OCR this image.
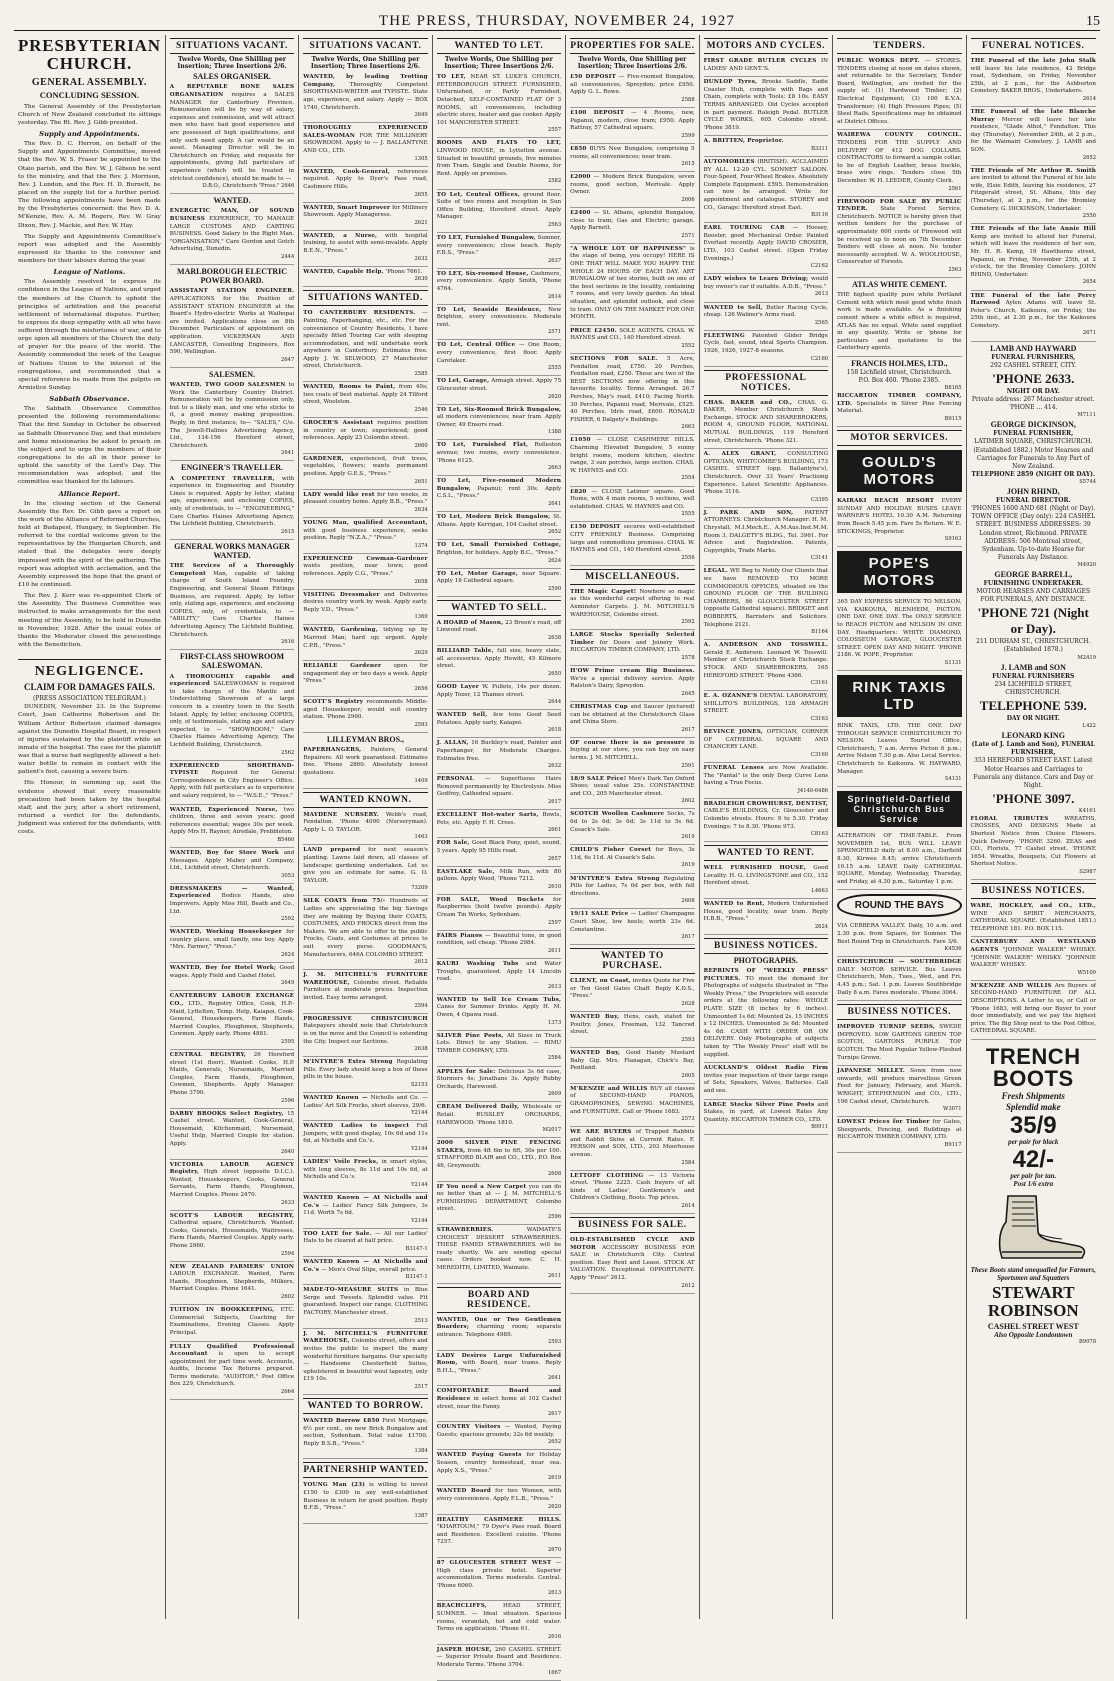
THE PRESS, THURSDAY, NOVEMBER 24, 1927	15
PRESBYTERIAN CHURCH.
GENERAL ASSEMBLY.
CONCLUDING SESSION.

The General Assembly of the Presbyterian Church of New Zealand concluded its sittings yesterday. The Rt. Rev. J. Gibb presided.

Supply and Appointments.

The Rev. D. C. Herron, on behalf of the Supply and Appointments Committee, moved that the Rev. W. S. Fraser be appointed to the Otaio parish, and the Rev. W. J. Gibson be sent to the ministry, and that the Rev. J. Morrison, Rev. J. Lundon, and the Rev. H. D. Burnett, be placed on the supply list for a further period. The following appointments have been made by the Presbyteries concerned: the Rev. D. A. M'Kenzie, Rev. A. M. Rogers, Rev. W. Gray Dixon, Rev. J. Mackie, and Rev. W. Hay.

The Supply and Appointments Committee's report was adopted and the Assembly expressed its thanks to the convener and members for their labours during the year.

League of Nations.

The Assembly resolved to express its confidence in the League of Nations, and urged the members of the Church to uphold the principles of arbitration and the peaceful settlement of international disputes. Further, to express its deep sympathy with all who have suffered through the misfortunes of war, and to urge upon all members of the Church the duty of prayer for the peace of the world. The Assembly commended the work of the League of Nations Union to the interest of the congregations, and recommended that a special reference be made from the pulpits on Armistice Sunday.

Sabbath Observance.

The Sabbath Observance Committee presented the following recommendations: That the first Sunday in October be observed as Sabbath Observance Day, and that ministers and home missionaries be asked to preach on the subject and to urge the members of their congregations to do all in their power to uphold the sanctity of the Lord's Day. The recommendation was adopted, and the committee was thanked for its labours.

Alliance Report.

In the closing section of the General Assembly the Rev. Dr. Gibb gave a report on the work of the Alliance of Reformed Churches, held at Budapest, Hungary, in September. He referred to the cordial welcome given to the representatives by the Hungarian Church, and stated that the delegates were deeply impressed with the spirit of the gathering. The report was adopted with acclamation, and the Assembly expressed the hope that the grant of £10 be continued.

The Rev. J. Kerr was re-appointed Clerk of the Assembly. The Business Committee was instructed to make arrangements for the next meeting of the Assembly, to be held in Dunedin in November, 1928. After the usual votes of thanks the Moderator closed the proceedings with the Benediction.

NEGLIGENCE.
CLAIM FOR DAMAGES FAILS.
(PRESS ASSOCIATION TELEGRAM.)

DUNEDIN, November 23. In the Supreme Court, Joan Catherine Robertson and Dr. William Arthur Robertson claimed damages against the Dunedin Hospital Board, in respect of injuries sustained by the plaintiff while an inmate of the hospital. The case for the plaintiff was that a nurse had negligently allowed a hot-water bottle to remain in contact with the patient's foot, causing a severe burn.

His Honour, in summing up, said the evidence showed that every reasonable precaution had been taken by the hospital staff, and the jury, after a short retirement, returned a verdict for the defendants. Judgment was entered for the defendants, with costs.

SITUATIONS VACANT.
Twelve Words, One Shilling per Insertion; Three Insertions 2/6.
SALES ORGANISER.

A REPUTABLE BONE SALES ORGANISATION requires a SALES MANAGER for Canterbury Province. Remuneration will be by way of salary, expenses and commission, and will attract men who have had good experience and are possessed of high qualifications, and only such need apply. A car would be an asset. Managing Director will be in Christchurch on Friday, and requests for appointments, giving full particulars of experience (which will be treated in strictest confidence), should be made to —
D.B.O., Christchurch "Press." 2646

WANTED.

ENERGETIC MAN, OF SOUND BUSINESS EXPERIENCE, TO MANAGE LARGE CUSTOMS AND CARTING BUSINESS. Good Salary to the Right Man. "ORGANISATION," Care Gordon and Gotch Advertising, Dunedin.
2444

MARLBOROUGH ELECTRIC POWER BOARD.

ASSISTANT STATION ENGINEER. APPLICATIONS for the Position of ASSISTANT STATION ENGINEER at the Board's Hydro-electric Works at Waihopai are invited. Applications close on 8th December. Particulars of appointment on application. VICKERMAN AND LANCASTER, Consulting Engineers, Box 590, Wellington.
2647

SALESMEN.

WANTED, TWO GOOD SALESMEN to Work the Canterbury Country District. Remuneration will be by commission only, but to a likely man, and one who sticks to it, a good money making proposition. Reply, in first instance, to— "SALES," C/o. The Jewell-Halines Advertising Agency, Ltd., 134-156 Hereford street, Christchurch.
2641

ENGINEER'S TRAVELLER.

A COMPETENT TRAVELLER, with experience in Engineering and Foundry Lines is required. Apply by letter, stating age, experience, and enclosing COPIES, only, of credentials, to — "ENGINEERING," Care Charles Haines Advertising Agency, The Lichfield Building, Christchurch.
2615

GENERAL WORKS MANAGER WANTED.

THE Services of a Thoroughly Competent Man, capable of taking charge of South Island Foundry, Engineering, and General Steam Fittings Business, are required. Apply, by letter only, stating age, experience, and enclosing COPIES, only, of credentials, to — "ABILITY," Care Charles Haines Advertising Agency, The Lichfield Building, Christchurch.
2616

FIRST-CLASS SHOWROOM SALESWOMAN.

A THOROUGHLY capable and experienced SALESWOMAN is required to take charge of the Mantle and Underclothing Showroom of a large concern in a country town in the South Island. Apply, by letter, enclosing COPIES, only, of testimonials, stating age and salary expected, to — "SHOWROOM," Care Charles Haines Advertising Agency, The Lichfield Building, Christchurch.
2562

EXPERIENCED SHORTHAND-TYPISTE Required for General Correspondence in City Engineer's Office. Apply, with full particulars as to experience and salary required, to — "W.S.E.," "Press."

WANTED, Experienced Nurse, two children, three and seven years; good references essential; wages 30s per week. Apply Mrs H. Rayner, Airedale, Prebbleton.
B5460

WANTED, Boy for Store Work and Messages. Apply Mabey and Company, Ltd., Lichfield street, Christchurch.
3053

DRESSMAKERS — Wanted, Experienced Bodice Hands, also Improvers. Apply Miss Hill, Beath and Co., Ltd.
2592

WANTED, Working Housekeeper for country place, small family, one boy. Apply "Mrs. Farmer," "Press."
2624

WANTED, Boy for Hotel Work; Good wages. Apply Field and Cashel Hotel.
2649

CANTERBURY LABOUR EXCHANGE CO., LTD., Registry Office, Cook, H.P.-Maid, Lyttelton, Temp. Help, Kaiapoi, Cook-General, Housekeepers, Farm Hands, Married Couples, Ploughmen, Shepherds, Cowmen. Apply early. Phone 4881.
2595

CENTRAL REGISTRY, 26 Hereford street (1st floor). Wanted: Cooks, H.P. Maids, Generals, Nursemaids, Married Couples, Farm Hands, Ploughmen, Cowmen, Shepherds. Apply Manager. Phone 3790.
2596

DARBY BROOKS Select Registry, 15 Cashel street. Wanted, Cook-General, Housemaid, Kitchenmaid, Nursemaid, Useful Help, Married Couple for station. Apply.
2640

VICTORIA LABOUR AGENCY Registry, High street (opposite D.I.C.). Wanted, Housekeepers, Cooks, General Servants, Farm Hands, Ploughmen, Married Couples. Phone 2470.
2633

SCOTT'S LABOUR REGISTRY, Cathedral square, Christchurch. Wanted: Cooks, Generals, Housemaids, Waitresses, Farm Hands, Married Couples. Apply early. Phone 2960.
2594

NEW ZEALAND FARMERS' UNION LABOUR EXCHANGE. Wanted, Farm Hands, Ploughmen, Shepherds, Milkers, Married Couples. Phone 1641.
2602

TUITION IN BOOKKEEPING, ETC. Commercial Subjects, Coaching for Examinations, Evening Classes. Apply Principal.

FULLY Qualified Professional Accountant is open to accept appointment for part time work. Accounts, Audits, Income Tax Returns prepared. Terms moderate. "AUDITOR," Post Office Box 229, Christchurch.
2664

SITUATIONS VACANT.
Twelve Words, One Shilling per Insertion; Three Insertions 2/6.

WANTED, by leading Trotting Company,	Thoroughly Competent SHORTHAND-WRITER and TYPISTE. State age, experience, and salary. Apply — BOX 1740, Christchurch.
2649

THOROUGHLY EXPERIENCED SALES-WOMAN FOR THE MILLINERY SHOWROOM. Apply to — J. BALLANTYNE AND CO., LTD.
1305

WANTED, Cook-General, references required. Apply to Dyer's Pass road, Cashmere Hills.
2655

WANTED, Smart Improver for Millinery Showroom. Apply Manageress.
2621

WANTED, a Nurse, with hospital training, to assist with semi-invalids. Apply B.E.N., "Press."
2632

WANTED, Capable Help. 'Phone 7661.
2630

SITUATIONS WANTED.

TO CANTERBURY RESIDENTS. — Painting, Paperhanging, etc., etc. For the convenience of Country Residents, I have specially fitted Touring Car with sleeping accommodation, and will undertake work anywhere in Canterbury. Estimates free. Apply J. W. SELWOOD, 27 Manchester street, Christchurch.
2585

WANTED, Rooms to Paint, from 40s; two coats of best material. Apply 24 Tilford street, Woolston.
2546

GROCER'S Assistant requires position in country or town; experienced; good references. Apply 23 Colombo street.
2660

GARDENER, experienced, fruit trees, vegetables, flowers; wants permanent position. Apply G.E.S., "Press."
2651

LADY would like rest for two weeks, in pleasant country home. Apply B.B., "Press."
2634

YOUNG Man, qualified Accountant, with good business experience, seeks position. Reply "N.Z.A.," "Press."
1374

EXPERIENCED Cowman-Gardener wants position, near town; good references. Apply C.G., "Press."
2658

VISITING Dressmaker and Deliveries desires country work by week. Apply early. Reply V.D., "Press."
1369

WANTED, Gardening, tidying up by Married Man; hard up; urgent. Apply C.P.B., "Press."
2629

RELIABLE Gardener open for engagement day or two days a week. Apply "Press."
2656

SCOTT'S Registry recommends Middle-aged Housekeeper; would suit country station. 'Phone 2960.
2593

LILLEYMAN BROS.,

PAPERHANGERS, Painters, General Repairers. All work guaranteed. Estimates free. 'Phone 2860. Absolutely lowest quotations.
1409

WANTED KNOWN.

MAYDENE NURSERY. Webb's road, Fendalton. 'Phone 4090 (Nurseryman). Apply L. O. TAYLOR.
1463

LAND prepared for next season's planting. Lawns laid down, all classes of landscape gardening undertaken. Let us give you an estimate for same. G. O. TAYLOR.
73209

SILK COATS from 75/- Hundreds of Ladies are appreciating the big Savings they are making by Buying their COATS, COSTUMES, AND FROCKS direct from the Makers. We are able to offer to the public Frocks, Coats, and Costumes at prices to suit every purse. GOODMAN'S, Manufacturers, 646A COLOMBO STREET.
2612

J. M. MITCHELL'S FURNITURE WAREHOUSE, Colombo street. Reliable Furniture at moderate prices. Inspection invited. Easy terms arranged.
2594

PROGRESSIVE CHRISTCHURCH Ratepayers should note that Christchurch is on the move and the Council is extending the City. Inspect our Sections.
2638

M'INTYRE'S Extra Strong Regulating Pills. Every lady should keep a box of these pills in the house.
S2153

WANTED Known — Nicholls and Co. — Ladies' Art Silk Frocks, short sleeves, 29/6.
Y2144

WANTED Ladies to inspect Full Jumpers, with good display, 10s 6d and 11s 6d, at Nicholls and Co.'s.
Y2144

LADIES' Voile Frocks, in smart styles, with long sleeves, 8s 11d and 10s 6d, at Nicholls and Co.'s.
Y2144

WANTED Known — At Nicholls and Co.'s — Ladies' Fancy Silk Jumpers, 3s 11d. Worth 7s 6d.
Y2144

TOO LATE for Sale. — All our Ladies' Hats to be cleared at half price.
B3147-1

WANTED Known — At Nicholls and Co.'s — Men's Oval Slips, overall price.
B3147-1

MADE-TO-MEASURE SUITS in Blue Serge and Tweeds. Splendid value. Fit guaranteed. Inspect our range. CLOTHING FACTORY, Manchester street.
2513

J. M. MITCHELL'S FURNITURE WAREHOUSE, Colombo street, offers and invites the public to inspect the many wonderful furniture bargains. Our specialty — Handsome Chesterfield Suites, upholstered in beautiful wool tapestry, only £19 10s.
2517

WANTED TO BORROW.

WANTED Borrow £850 First Mortgage, 6½ per cent., on new Brick Bungalow and section, Sydenham. Total value £1700. Reply B.S.B., "Press."
1384

PARTNERSHIP WANTED.

YOUNG Man (23) is willing to invest £150 to £300 in any well-established Business in return for good position. Reply B.F.B., "Press."
1387

WANTED TO LET.
Twelve Words, One Shilling per Insertion; Three Insertions 2/6.

TO LET, NEAR ST. LUKE'S CHURCH, PETERBOROUGH STREET. FURNISHED, Unfurnished, or Partly Furnished, Detached, SELF-CONTAINED FLAT OF 3 ROOMS, all conveniences, including electric stove, heater and gas cooker. Apply 101 MANCHESTER STREET.
2557

ROOMS AND FLATS TO LET, LINWOOD HOUSE, in Lyttelton avenue. Situated in beautiful grounds, five minutes from Tram. Single and Double Rooms, for Rent. Apply on premises.
2582

TO Let, Central Offices, ground floor. Suite of two rooms and reception in Sun Office Building, Hereford street. Apply Manager.
2563

TO LET, Furnished Bungalow, Sumner, every convenience; close beach. Reply F.B.S., "Press."
2637

TO LET, Six-roomed House, Cashmere, every convenience. Apply Smith, 'Phone 4764.
2614

TO Let, Seaside Residence, New Brighton, every convenience. Moderate rent.
2571

TO Let, Central Office — One Room, every convenience, first floor. Apply Caretaker.
2555

TO Let, Garage, Armagh street. Apply 75 Gloucester street.
2620

TO Let, Six-Roomed Brick Bungalow, all modern conveniences; near tram. Apply Owner, 49 Ensors road.
1388

TO Let, Furnished Flat, Rolleston avenue; two rooms, every convenience. 'Phone 6125.
2663

TO Let, Five-roomed Modern Bungalow, Papanui; rent 30s. Apply C.S.L., "Press."
2641

TO Let, Modern Brick Bungalow, St. Albans. Apply Kerrigan, 104 Cashel street.
2652

TO Let, Small Furnished Cottage, Brighton, for holidays. Apply B.C., "Press."
2624

TO Let, Motor Garage, near Square. Apply 18 Cathedral square.
2590

WANTED TO SELL.

A HOARD of Mason, 23 Breen's road, off Linwood road.
2638

BILLIARD Table, full size, heavy slate, all accessories. Apply Hewitt, 45 Kilmore street.
2650

GOOD Layer W. Pullets, 14s per dozen. Apply Tozer, 12 Thames street.
2644

WANTED Sell, few tons Good Seed Potatoes. Apply early, Kaiapoi.
2618

J. ALLAN, 16 Buckley's road, Painter and Paperhanger, for Moderate Charges. Estimates free.
2632

PERSONAL — Superfluous Hairs Removed permanently by Electrolysis. Miss Godfrey, Cathedral square.
2617

EXCELLENT Hot-water Sarts, Bowls, Pots, etc. Apply F. H. Cross.
2661

FOR Sale, Good Black Pony, quiet, sound, 5 years. Apply 95 Hills road.
2657

EASTLAKE Sale, Milk Run, with 80 gallons. Apply Wood, 'Phone 7212.
2610

FOR SALE, Wood Buckets for Raspberries (hold twelve pounds). Apply Cream Tin Works, Sydenham.
2597

FAIRS Pianos — Beautiful tone, in good condition, sell cheap. 'Phone 2984.
2611

KAURI Washing Tubs and Water Troughs, guaranteed. Apply 14 Lincoln road.
2613

WANTED to Sell Ice Cream Tubs, Canes for Summer Drinks. Apply H. M. Owen, 4 Opawa road.
1373

SLIVER Pine Posts, All Sizes in Truck Lots. Direct to any Station. — RIMU TIMBER COMPANY, LTD.
2584

APPLES for Sale: Delicious 3s 6d case, Sturmers 4s; Jonathans 3s. Apply Rubby Orchards, Harewood.
2609

CREAM Delivered Daily, Wholesale or Retail. RUSSLEY ORCHARDS, HAREWOOD. 'Phone 1810.
M2017

2000 SILVER PINE FENCING STAKES, from 4ft 6in to 6ft, 30s per 100. STRAFFORD BLAIR and CO., LTD., P.O. Box 46, Greymouth.
2608

IF You need a New Carpet you can do no better than at — J. M. MITCHELL'S FURNISHING DEPARTMENT, Colombo street.
2596

STRAWBERRIES.	WAIMATE'S CHOICEST DESSERT STRAWBERRIES. THESE FAMED STRAWBERRIES will be ready shortly. We are sending special cases. Orders booked now. C. H. MEREDITH, LIMITED, Waimate.
2611

BOARD AND RESIDENCE.

WANTED, One or Two Gentlemen Boarders; charming room; separate entrance. Telephone 4989.
2593

LADY Desires Large Unfurnished Room, with Board, near trams. Reply B.H.L., "Press."
2641

COMFORTABLE Board and Residence in select home at 102 Cashel street, near the Fanny.
2617

COUNTRY Visitors — Wanted, Paying Guests; spacious grounds; 32s 6d weekly.
2652

WANTED Paying Guests for Holiday Season, country homestead, near sea. Apply X.S., "Press."
2619

WANTED Board for two Women, with every convenience. Apply F.L.B., "Press."
2620

HEALTHY CASHMERE HILLS. "KHARTOUM," 79 Dyer's Pass road. Board and Residence. Excellent cuisine. 'Phone 7257.
2670

87 GLOUCESTER STREET WEST — High class private hotel. Superior accommodation. Terms moderate. Central. 'Phone 6060.
2613

BEACHCLIFFS,	HEAD STREET, SUMNER. — Ideal situation. Spacious rooms, verandah, hot and cold water. Terms on application. 'Phone 61.
2616

JASPER HOUSE, 260 CASHEL STREET. — Superior Private Board and Residence. Moderate Terms. 'Phone 3704.
1667

PROPERTIES FOR SALE.
Twelve Words, One Shilling per Insertion; Three Insertions 2/6.

£50 DEPOSIT — Five-roomed Bungalow, all conveniences, Spreydon; price £950. Apply G. L. Rowe.
2588

£100 DEPOSIT — 4 Rooms, new, Papanui, modern, close tram; £950. Apply Rattray, 57 Cathedral square.
2599

£850 BUYS New Bungalow, comprising 5 rooms, all conveniences; near tram.
2615

£2000 — Modern Brick Bungalow, seven rooms, good section, Merivale. Apply Owner.
2606

£2400 — St. Albans, splendid Bungalow, close to tram; Gas and Electric; garage. Apply Barnett.
2571

"A WHOLE LOT OF HAPPINESS" is the stage of being, you occupy! HERE IS ONE THAT WILL MAKE YOU HAPPY THE WHOLE 24 HOURS OF EACH DAY. ART BUNGALOW of two stories, built on one of the best sections in the locality, containing 7 rooms, and very lovely garden. An ideal situation, and splendid outlook, and close to tram. ONLY ON THE MARKET FOR ONE MONTH.

PRICE £2450. SOLE AGENTS. CHAS. W. HAYNES and CO., 140 Hereford street.
2552

SECTIONS FOR SALE. 5 Acre, Fendalton road, £750. 20 Perches, Fendalton road, £250. These are two of the BEST SECTIONS now offering in this favourite locality. Terms Arranged. 26.7 Perches, May's road, £410; Facing North. 30 Perches, Papanui road, Merivale, £525. 40 Perches, Idris road, £600. RONALD FISHER, 6 Dalgety's Buildings.
2663

£1050 — CLOSE CASHMERE HILLS. Charming Elevated Bungalow, 5 sunny bright rooms, modern kitchen, electric range, 3 sun porches, large section. CHAS. W. HAYNES and CO.
2554

£820 — CLOSE Latimer square. Good Home, with 4 main rooms, 5 sections, well established. CHAS. W. HAYNES and CO.
2555

£150 DEPOSIT secures well-established CITY FRIENDLY Business. Comprising large and commodious premises. CHAS. W. HAYNES and CO., 140 Hereford street.
2556

MISCELLANEOUS.

THE Magic Carpet! Nowhere so magic as this wonderful carpet offering to real Axminster Carpets. J. M. MITCHELL'S WAREHOUSE, Colombo street.
2592

LARGE Stocks Specially Selected Timber for Doors and Joinery Work. RICCARTON TIMBER COMPANY, LTD.
2578

H'OW Prime cream Big Business. We've a special delivery service. Apply Ralston's Dairy, Spreydon.
2645

CHRISTMAS Cup and Saucer (pictured) can be obtained at the Christchurch Glass and China Store.
2617

OF course there is no pressure in buying at our store, you can buy on easy terms. J. M. MITCHELL.
2591

18/9 SALE Price! Men's Dark Tan Oxford Shoes; usual value 25s. CONSTANTINE and CO., 205 Manchester street.
2602

SCOTCH Woollen Cashmere Socks, 7s 6d to 2s 6d; 3s 6d; 3s 11d to 5s 6d. Cusack's Sale.
2619

CHILD'S Fisher Corset for Boys, 3s 11d, 6s 11d. At Cusack's Sale.
2619

M'INTYRE'S Extra Strong Regulating Pills for Ladies, 7s 6d per box, with full directions.
2608

19/11 SALE Price — Ladies' Champagne Court Shoe, low heels; worth 23s 6d. Constantine.
2617

WANTED TO PURCHASE.

CLIENT, on Coast, invites Quote for Five or Ten Good Gates Chaff. Reply K.D.S., "Press."
2628

WANTED Buy, Hens, cash, stated for Poultry. Jones, Freeman, 132 Tancred street.
2593

WANTED Buy, Good Handy Mustard Baby Gig. Mrs. Flanagan, Chick's Bay, Pentland.
2605

M'KENZIE and WILLIS BUY all classes of SECOND-HAND PIANOS, GRAMOPHONES, SEWING MACHINES, and FURNITURE. Call or 'Phone 1683.
2573

WE ARE BUYERS of Trapped Rabbits and Rabbit Skins at Current Rates. F. PERSON and SON, LTD., 203 Moorhouse avenue.
2584

LETTOFF CLOTHING — 13 Victoria street. 'Phone 2225. Cash buyers of all kinds of Ladies', Gentlemen's and Children's Clothing, Boots. Top prices.
2614

BUSINESS FOR SALE.

OLD-ESTABLISHED CYCLE AND MOTOR ACCESSORY BUSINESS FOR SALE in Christchurch City. Central position. Easy Rent and Lease. STOCK AT VALUATION. Exceptional OPPORTUNITY. Apply "Press" 2612.
2612

MOTORS AND CYCLES.

FIRST GRADE BUTLER CYCLES IN LADIES' AND GENT.'S.

DUNLOP Tyres, Brooks Saddle, Eadie Coaster Hub, complete with Bags and Chain, complete with Tools; £8 10s. EASY TERMS ARRANGED. Old Cycles accepted in part payment. Raleigh Pedal. BUTLER CYCLE WORKS, 605 Colombo street. 'Phone 3819.

A. BRITTEN, Proprietor.
B3311

AUTOMOBILES (BRITISH). ACCLAIMED BY ALL. 12-20 CYL. SONNET SALOON. Four-Speed, Four-Wheel Brakes. Absolutely Complete Equipment. £595. Demonstration can now be arranged. Write for appointment and catalogue. STOREY and CO., Garage: Hereford street East.
B3116

EARL TOURING CAR — Hoosey, Booster, good Mechanical Order. Painted Everlast recently. Apply DAVID CROSIER, LTD., 103 Cashel street. (Open Friday Evenings.)
C2162

LADY wishes to Learn Driving; would buy owner's car if suitable. A.D.B., "Press."
2613

WANTED to Sell, Butler Racing Cycle, cheap. 126 Walmer's Arms road.
2565

FLEETWING Patented Glider Bridge Cycle, fast, sound, ideal Sports Champion. 1926, 1926, 1927-8 seasons.
C2160

PROFESSIONAL NOTICES.

CHAS. BAKER and CO., CHAS. G. BAKER, Member Christchurch Stock Exchange. STOCK AND SHAREBROKERS, ROOM 4, GROUND FLOOR, NATIONAL MUTUAL BUILDINGS, 119 Hereford street, Christchurch. 'Phone 321.

A. ALEX GRANT, CONSULTING OPTICIAN, WHITCOMBE'S BUILDING, 173 CASHEL STREET (opp. Ballantyne's), Christchurch. Over 33 Years' Practising Experience. Latest Scientific Appliances. 'Phone 3116.
C3395

J. PARK AND SON, PATENT ATTORNEYS. Christchurch Manager: H. M. Chrystall, M.I.Mech.E., A.M.Aus.Inst.M.M. Room 3, DALGETY'S BLDG., Tel. 3961. For Advice and Registration. Patents, Copyrights, Trade Marks.
C3141

LEGAL. WE Beg to Notify Our Clients that we have REMOVED TO MORE COMMODIOUS OFFICES, situated on the GROUND FLOOR OF THE BUILDING CHAMBERS, 86 GLOUCESTER STREET (opposite Cathedral square). BRIDGET and ROBBERTS, Barristers and Solicitors. Telephone 2121.
B1164

A. ANDERSON AND TOSSWILL. Gerald E. Anderson. Leonard W. Tosswill. Member of Christchurch Stock Exchange. STOCK AND SHAREBROKERS, 165 HEREFORD STREET. 'Phone 4366.
C3161

E. A. OZANNE'S DENTAL LABORATORY, SHILLITO'S BUILDINGS, 128 ARMAGH STREET.
C3163

BEVINCE JONES, OPTICIAN, CORNER OF CATHEDRAL SQUARE AND CHANCERY LANE.
C3169

FUNERAL Lenses are Now Available. The "Pantal" is the only Deep Curve Lens having a True Focus.
J4140-6486

BRADLEIGH CROWHURST, DENTIST, CABLE'S BUILDINGS, Cr. Gloucester and Colombo streets. Hours: 9 to 5.30. Friday Evenings: 7 to 8.30. 'Phone 973.
C8163

WANTED TO RENT.

WELL FURNISHED HOUSE, Good Locality. H. G. LIVINGSTONE and CO., 152 Hereford street.
L4663

WANTED to Rent, Modern Unfurnished House, good locality, near tram. Reply H.B.B., "Press."
2624

BUSINESS NOTICES.
PHOTOGRAPHS.

REPRINTS OF "WEEKLY PRESS" PICTURES. TO meet the demand for Photographs of subjects illustrated in "The Weekly Press," the Proprietors will execute orders at the following rates: WHOLE PLATE SIZE (8 inches by 6 inches). Unmounted 1s 6d; Mounted 2s. 15 INCHES x 12 INCHES. Unmounted 3s 6d; Mounted 4s 6d. CASH WITH ORDER OR ON DELIVERY. Only Photographs of subjects taken by "The Weekly Press" staff will be supplied.

AUCKLAND'S Oldest Radio Firm invites your inspection of their large range of Sets, Speakers, Valves, Batteries. Call and see.

LARGE Stocks Silver Pine Posts and Stakes, in yard, at Lowest Rates Any Quantity. RICCARTON TIMBER CO., LTD.
B9911

TENDERS.

PUBLIC WORKS DEPT. — STORES. TENDERS closing at noon on dates shown, and returnable to the Secretary, Tender Board, Wellington, are invited for the supply of: (1) Hardwood Timber; (2) Electrical Equipment; (3) 100 K.V.A. Transformer; (4) High Pressure Pipes; (5) Steel Rails. Specifications may be obtained at District Offices.

WAIREWA COUNTY COUNCIL. TENDERS FOR THE SUPPLY AND DELIVERY OF 412 DOG COLLARS. CONTRACTORS to forward a sample collar, to be of English Leather, brass buckle, brass wire rings. Tenders close 5th December. W. H. LEEDER, County Clerk.
2561

FIREWOOD FOR SALE BY PUBLIC TENDER. State Forest Service, Christchurch. NOTICE is hereby given that written tenders for the purchase of approximately 600 cords of Firewood will be received up to noon on 7th December. Tenders will close at noon. No tender necessarily accepted. W. A. WOOLHOUSE, Conservator of Forests.
2563

ATLAS WHITE CEMENT.

THE highest quality pure white Portland Cement with which most good white finish work is made available. As a finishing cement where a white effect is required, ATLAS has no equal. White sand supplied in any quantity. Write or 'phone for particulars and quotations to the Canterbury agents.

FRANCIS HOLMES, LTD.,
158 Lichfield street, Christchurch.
P.O. Box 460. 'Phone 2385.
B8165

RICCARTON TIMBER COMPANY, LTD. Specialists in Silver Pine Fencing Material.
B9115

MOTOR SERVICES.
GOULD'S MOTORS

KAIRAKI BEACH RESORT EVERY SUNDAY AND HOLIDAY. BUSES LEAVE WARNER'S HOTEL 10.30 A.M. Returning from Beach 5.45 p.m. Fare 5s Return. W. E. STICKINGS, Proprietor.
S9163

POPE'S MOTORS

365 DAY EXPRESS SERVICE TO NELSON, VIA KAIKOURA, BLENHEIM, PICTON. ONE DAY. ONE DAY. The ONLY SERVICE to REACH PICTON and NELSON IN ONE DAY. Headquarters: WHITE DIAMOND, COLOSSEUM GARAGE, GLOUCESTER STREET. OPEN DAY AND NIGHT. 'PHONE 2186. W. POPE, Proprietor.
S1131

RINK TAXIS LTD

RINK TAXIS, LTD. THE ONE DAY THROUGH SERVICE CHRISTCHURCH TO NELSON. Leaves Tourist Office, Christchurch, 7 a.m. Arrive Picton 6 p.m.; Arrive Nelson 7.30 p.m. Also Local Service. Christchurch to Kaikoura. W. HAYWARD, Manager.
S4131

Springfield-Darfield Christchurch Bus Service

ALTERATION OF TIME-TABLE. From NOVEMBER 1st, BUS WILL LEAVE SPRINGFIELD daily at 8.00 a.m., Darfield 8.30, Kirwee 8.45; arrive Christchurch 10.15 a.m. LEAVE Daily CATHEDRAL SQUARE, Monday, Wednesday, Thursday, and Friday, at 4.30 p.m., Saturday 1 p.m.

ROUND THE BAYS

VIA CERBERA VALLEY. Daily, 10 a.m. and 2.30 p.m. from Square, for Sumner. The Best Round Trip in Christchurch. Fare 3/6.
K4536

CHRISTCHURCH — SOUTHBRIDGE DAILY MOTOR SERVICE. Bus Leaves Christchurch, Mon., Tues., Wed., and Fri. 4.45 p.m.; Sat. 1 p.m. Leaves Southbridge Daily 8 a.m. Fares moderate. 'Phone 3064.

BUSINESS NOTICES.

IMPROVED TURNIP SEEDS, SWEDE IMPROVED. SOW GARTONS GREEN TOP SCOTCH, GARTONS PURPLE TOP SCOTCH. The Most Popular Yellow-Fleshed Turnips Grown.

JAPANESE MILLET. Sown from now onwards, will produce marvellous Green Feed for January, February, and March. WRIGHT, STEPHENSON and CO., LTD., 196 Cashel street, Christchurch.
W3071

LOWEST Prices for Timber for Gates, Sheepyards, Fencing, and Buildings at RICCARTON TIMBER COMPANY, LTD.
B9117

FUNERAL NOTICES.

THE Funeral of the late John Stalk will leave his late residence, 42 Bridge road, Sydenham, on Friday, November 25th, at 2 p.m., for the Ashburton Cemetery. BAKER BROS., Undertakers.
2614

THE Funeral of the late Blanche Murray Mercer will leave her late residence, "Glade Athol," Fendalton. This day (Thursday), November 24th, at 2 p.m., for the Waimairi Cemetery. J. LAMB and SON.
2652

THE Friends of Mr Arthur R. Smith are invited to attend the Funeral of his late wife, Elsie Edith, leaving his residence, 27 Fitzgerald street, St. Albans, this day (Thursday), at 2 p.m., for the Bromley Cemetery. G. DICKINSON, Undertaker.
2556

THE Friends of the late Annie Hill Kemp are invited to attend her Funeral, which will leave the residence of her son, Mr. H. R. Kemp, 19 Hawthorne street, Papanui, on Friday, November 25th, at 2 o'clock, for the Bromley Cemetery. JOHN RHIND, Undertaker.
2654

THE Funeral of the late Percy Harwood Aylen Adams will leave St. Peter's Church, Kaikoura, on Friday, the 25th inst., at 2.30 p.m., for the Kaikoura Cemetery.
2671

LAMB AND HAYWARD
FUNERAL FURNISHERS,
292 CASHEL STREET, CITY.
'PHONE 2633.
NIGHT OR DAY.
Private address: 267 Manchester street. 'PHONE ... 414.
M7111
GEORGE DICKINSON,
FUNERAL FURNISHER,
LATIMER SQUARE, CHRISTCHURCH. (Established 1882.) Motor Hearses and Carriages for Funerals to Any Part of New Zealand.
TELEPHONE 2859 (NIGHT OR DAY).
S5744
JOHN RHIND,
FUNERAL DIRECTOR.
'PHONES 1600 AND 681 (Night or Day). TOWN OFFICE (Day only): 224 CASHEL STREET. BUSINESS ADDRESSES: 39 London street, Richmond. PRIVATE ADDRESS: 506 Montreal street, Sydenham. Up-to-date Hearse for Funerals Any Distance.
M4920
GEORGE BARRELL,
FURNISHING UNDERTAKER.
MOTOR HEARSES AND CARRIAGES FOR FUNERALS, ANY DISTANCE.
'PHONE 721 (Night or Day).
211 DURHAM ST., CHRISTCHURCH. (Established 1878.)
M2419
J. LAMB and SON
FUNERAL FURNISHERS
234 LICHFIELD STREET, CHRISTCHURCH.
TELEPHONE 539.
DAY OR NIGHT.
L422
LEONARD KING
(Late of J. Lamb and Son), FUNERAL FURNISHER,
353 HEREFORD STREET EAST. Latest Motor Hearses and Carriages to Funerals any distance. Cars and Day or Night.
'PHONE 3097.
K4161

FLORAL TRIBUTES	WREATHS, CROSSES, AND DESIGNS Made at Shortest Notice from Choice Flowers. Quick Delivery. 'PHONE 3260. ZEAS and CO., Florists, 77 Cashel street. 'PHONE 1654. Wreaths, Bouquets, Cut Flowers at Shortest Notice.
S2987

BUSINESS NOTICES.

WARE, HOCKLEY, and CO., LTD., WINE AND SPIRIT MERCHANTS, CATHEDRAL SQUARE. (Established 1851.) TELEPHONE 181. P.O. BOX 115.

CANTERBURY AND WESTLAND AGENTS "JOHNNIE WALKER" WHISKY. "JOHNNIE WALKER" WHISKY. "JOHNNIE WALKER" WHISKY.
W5109

M'KENZIE AND WILLIS Are Buyers of SECOND-HAND FURNITURE OF ALL DESCRIPTIONS. A Letter to us, or Call or 'Phone 1683, will bring our Buyer to your door immediately, and we pay the highest price. The Big Shop next to the Post Office, CATHEDRAL SQUARE.

TRENCH BOOTS
Fresh Shipments
Splendid make
35/9
per pair for black
42/-
per pair for tan.
Post 1/6 extra
These Boots stand unequalled for Farmers, Sportsmen and Squatters
STEWART ROBINSON
CASHEL STREET WEST
Also Opposite Londontown
B9078
